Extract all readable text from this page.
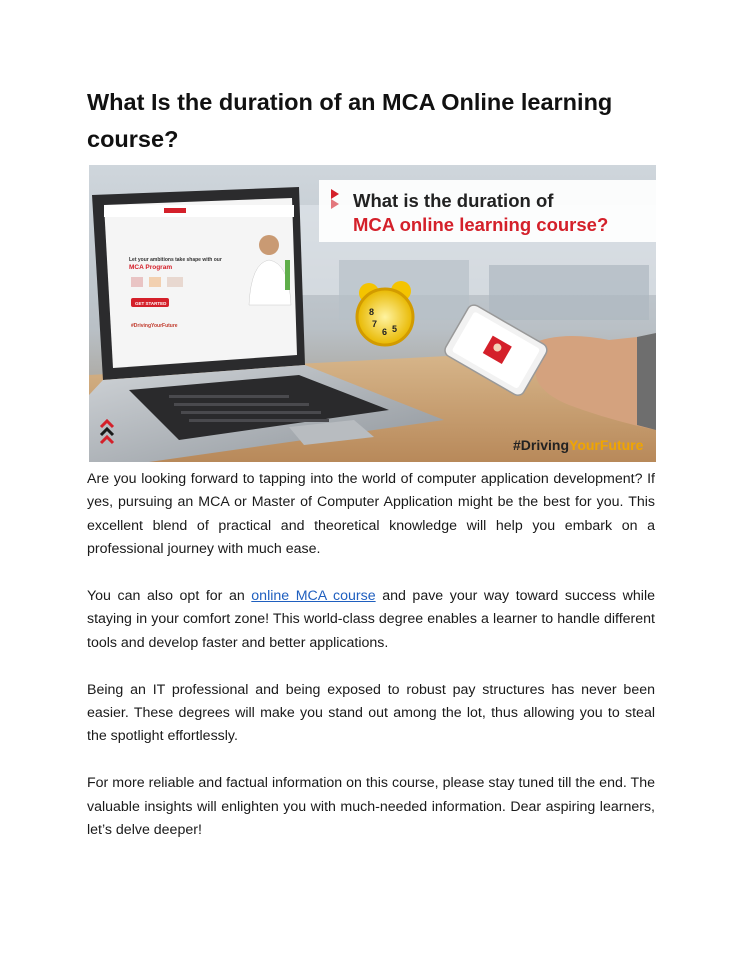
What Is the duration of an MCA Online learning course?
What is the duration of
MCA online learning course?
Let your ambitions take shape with our
MCA Program
GET STARTED
#DrivingYourFuture
8
7
6 5
#DrivingYourFuture

Are you looking forward to tapping into the world of computer application development? If yes, pursuing an MCA or Master of Computer Application might be the best for you. This excellent blend of practical and theoretical knowledge will help you embark on a professional journey with much ease.

You can also opt for an online MCA course and pave your way toward success while staying in your comfort zone! This world-class degree enables a learner to handle different tools and develop faster and better applications.

Being an IT professional and being exposed to robust pay structures has never been easier. These degrees will make you stand out among the lot, thus allowing you to steal the spotlight effortlessly.

For more reliable and factual information on this course, please stay tuned till the end. The valuable insights will enlighten you with much-needed information. Dear aspiring learners, let’s delve deeper!
